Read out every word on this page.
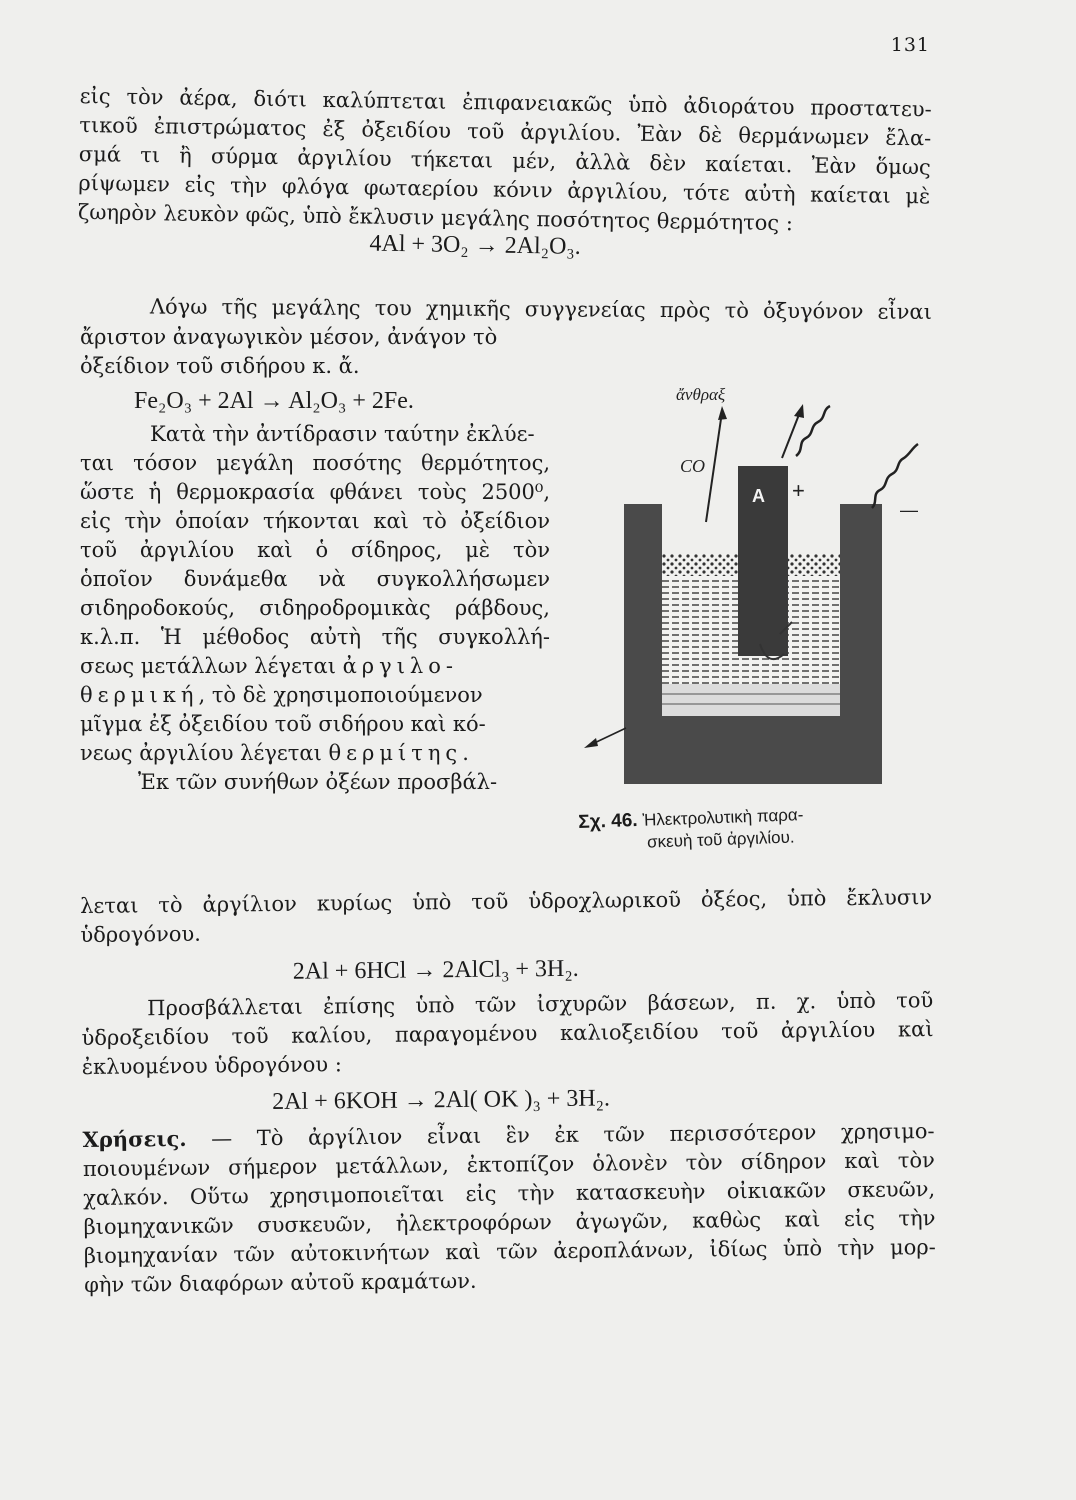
131
εἰς τὸν ἀέρα, διότι καλύπτεται ἐπιφανειακῶς ὑπὸ ἀδιοράτου προστατευ-
τικοῦ ἐπιστρώματος ἐξ ὀξειδίου τοῦ ἀργιλίου. Ἐὰν δὲ θερμάνωμεν ἔλα-
σμά τι ἢ σύρμα ἀργιλίου τήκεται μέν, ἀλλὰ δὲν καίεται. Ἐὰν ὅμως
ρίψωμεν εἰς τὴν φλόγα φωταερίου κόνιν ἀργιλίου, τότε αὐτὴ καίεται μὲ
ζωηρὸν λευκὸν φῶς, ὑπὸ ἔκλυσιν μεγάλης ποσότητος θερμότητος :
4Al + 3O₂ → 2Al₂O₃.
Λόγω τῆς μεγάλης του χημικῆς συγγενείας πρὸς τὸ ὀξυγόνον εἶναι
ἄριστον ἀναγωγικὸν μέσον, ἀνάγον τὸ
ὀξείδιον τοῦ σιδήρου κ. ἄ.
Fe₂O₃ + 2Al → Al₂O₃ + 2Fe.
Κατὰ τὴν ἀντίδρασιν ταύτην ἐκλύε-
ται τόσον μεγάλη ποσότης θερμότητος,
ὥστε ἡ θερμοκρασία φθάνει τοὺς 2500⁰,
εἰς τὴν ὁποίαν τήκονται καὶ τὸ ὀξείδιον
τοῦ ἀργιλίου καὶ ὁ σίδηρος, μὲ τὸν
ὁποῖον δυνάμεθα νὰ συγκολλήσωμεν
σιδηροδοκούς, σιδηροδρομικὰς ράβδους,
κ.λ.π. Ἡ μέθοδος αὐτὴ τῆς συγκολλή-
σεως μετάλλων λέγεται ἀργιλο-
θερμική, τὸ δὲ χρησιμοποιούμενον
μῖγμα ἐξ ὀξειδίου τοῦ σιδήρου καὶ κό-
νεως ἀργιλίου λέγεται θερμίτης.
Ἐκ τῶν συνήθων ὀξέων προσβάλ-
ἄνθραξ
CO
A +
—
Σχ. 46. Ἠλεκτρολυτικὴ παρα-
σκευὴ τοῦ ἀργιλίου.
λεται τὸ ἀργίλιον κυρίως ὑπὸ τοῦ ὑδροχλωρικοῦ ὀξέος, ὑπὸ ἔκλυσιν
ὑδρογόνου.
2Al + 6HCl → 2AlCl₃ + 3H₂.
Προσβάλλεται ἐπίσης ὑπὸ τῶν ἰσχυρῶν βάσεων, π. χ. ὑπὸ τοῦ
ὑδροξειδίου τοῦ καλίου, παραγομένου καλιοξειδίου τοῦ ἀργιλίου καὶ
ἐκλυομένου ὑδρογόνου :
2Al + 6KOH → 2Al( OK )₃ + 3H₂.
Χρήσεις. — Τὸ ἀργίλιον εἶναι ἓν ἐκ τῶν περισσότερον χρησιμο-
ποιουμένων σήμερον μετάλλων, ἐκτοπίζον ὁλονὲν τὸν σίδηρον καὶ τὸν
χαλκόν. Οὕτω χρησιμοποιεῖται εἰς τὴν κατασκευὴν οἰκιακῶν σκευῶν,
βιομηχανικῶν συσκευῶν, ἠλεκτροφόρων ἀγωγῶν, καθὼς καὶ εἰς τὴν
βιομηχανίαν τῶν αὐτοκινήτων καὶ τῶν ἀεροπλάνων, ἰδίως ὑπὸ τὴν μορ-
φὴν τῶν διαφόρων αὐτοῦ κραμάτων.
